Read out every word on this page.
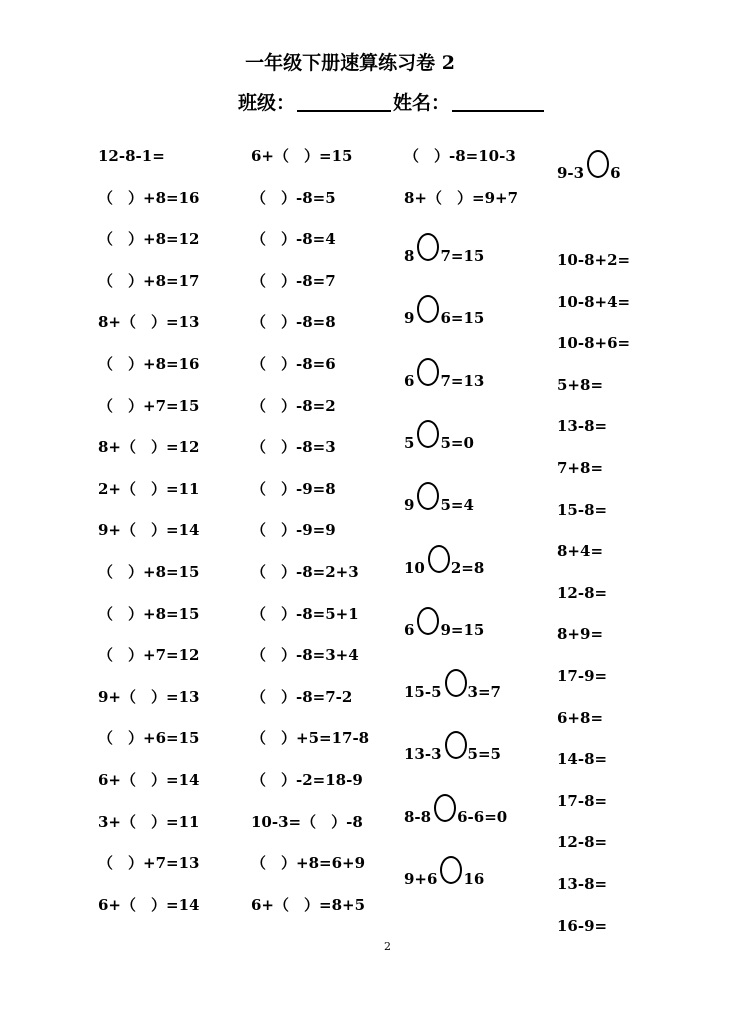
一年级下册速算练习卷 2
班级：	姓名：
12-8-1=
（　）+8=16
（　）+8=12
（　）+8=17
8+（　）=13
（　）+8=16
（　）+7=15
8+（　）=12
2+（　）=11
9+（　）=14
（　）+8=15
（　）+8=15
（　）+7=12
9+（　）=13
（　）+6=15
6+（　）=14
3+（　）=11
（　）+7=13
6+（　）=14
6+（　）=15
（　）-8=5
（　）-8=4
（　）-8=7
（　）-8=8
（　）-8=6
（　）-8=2
（　）-8=3
（　）-9=8
（　）-9=9
（　）-8=2+3
（　）-8=5+1
（　）-8=3+4
（　）-8=7-2
（　）+5=17-8
（　）-2=18-9
10-3=（　）-8
（　）+8=6+9
6+（　）=8+5
（　）-8=10-3
8+（　）=9+7
8 7=15
9 6=15
6 7=13
5 5=0
9 5=4
10 2=8
6 9=15
15-5 3=7
13-3 5=5
8-8 6-6=0
9+6 16
9-3 6
10-8+2=
10-8+4=
10-8+6=
5+8=
13-8=
7+8=
15-8=
8+4=
12-8=
8+9=
17-9=
6+8=
14-8=
17-8=
12-8=
13-8=
16-9=
2
